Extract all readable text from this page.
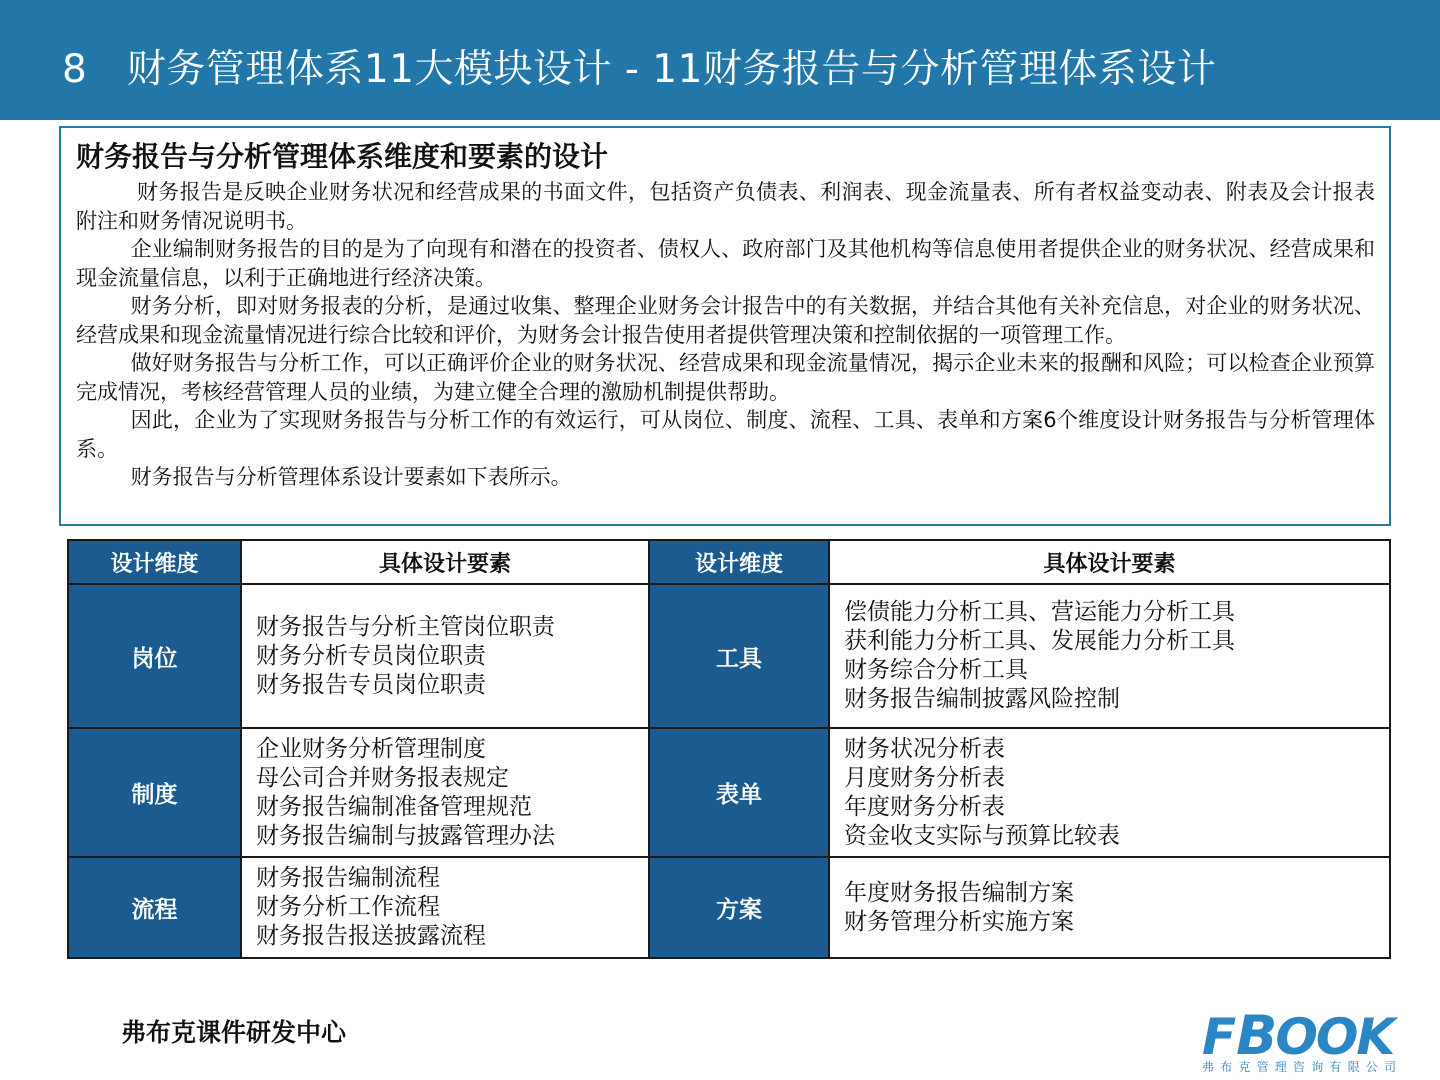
8　财务管理体系11大模块设计 - 11财务报告与分析管理体系设计
财务报告与分析管理体系维度和要素的设计

财务报告是反映企业财务状况和经营成果的书面文件，包括资产负债表、利润表、现金流量表、所有者权益变动表、附表及会计报表附注和财务情况说明书。

企业编制财务报告的目的是为了向现有和潜在的投资者、债权人、政府部门及其他机构等信息使用者提供企业的财务状况、经营成果和现金流量信息，以利于正确地进行经济决策。

财务分析，即对财务报表的分析，是通过收集、整理企业财务会计报告中的有关数据，并结合其他有关补充信息，对企业的财务状况、经营成果和现金流量情况进行综合比较和评价，为财务会计报告使用者提供管理决策和控制依据的一项管理工作。

做好财务报告与分析工作，可以正确评价企业的财务状况、经营成果和现金流量情况，揭示企业未来的报酬和风险；可以检查企业预算完成情况，考核经营管理人员的业绩，为建立健全合理的激励机制提供帮助。

因此，企业为了实现财务报告与分析工作的有效运行，可从岗位、制度、流程、工具、表单和方案6个维度设计财务报告与分析管理体系。

财务报告与分析管理体系设计要素如下表所示。

设计维度	具体设计要素	设计维度	具体设计要素
岗位	财务报告与分析主管岗位职责
财务分析专员岗位职责
财务报告专员岗位职责	工具	偿债能力分析工具、营运能力分析工具
获利能力分析工具、发展能力分析工具
财务综合分析工具
财务报告编制披露风险控制

制度	企业财务分析管理制度
母公司合并财务报表规定
财务报告编制准备管理规范
财务报告编制与披露管理办法	表单	财务状况分析表
月度财务分析表
年度财务分析表
资金收支实际与预算比较表

流程	财务报告编制流程
财务分析工作流程
财务报告报送披露流程	方案	年度财务报告编制方案
财务管理分析实施方案
弗布克课件研发中心	FBOOK
弗布克管理咨询有限公司
